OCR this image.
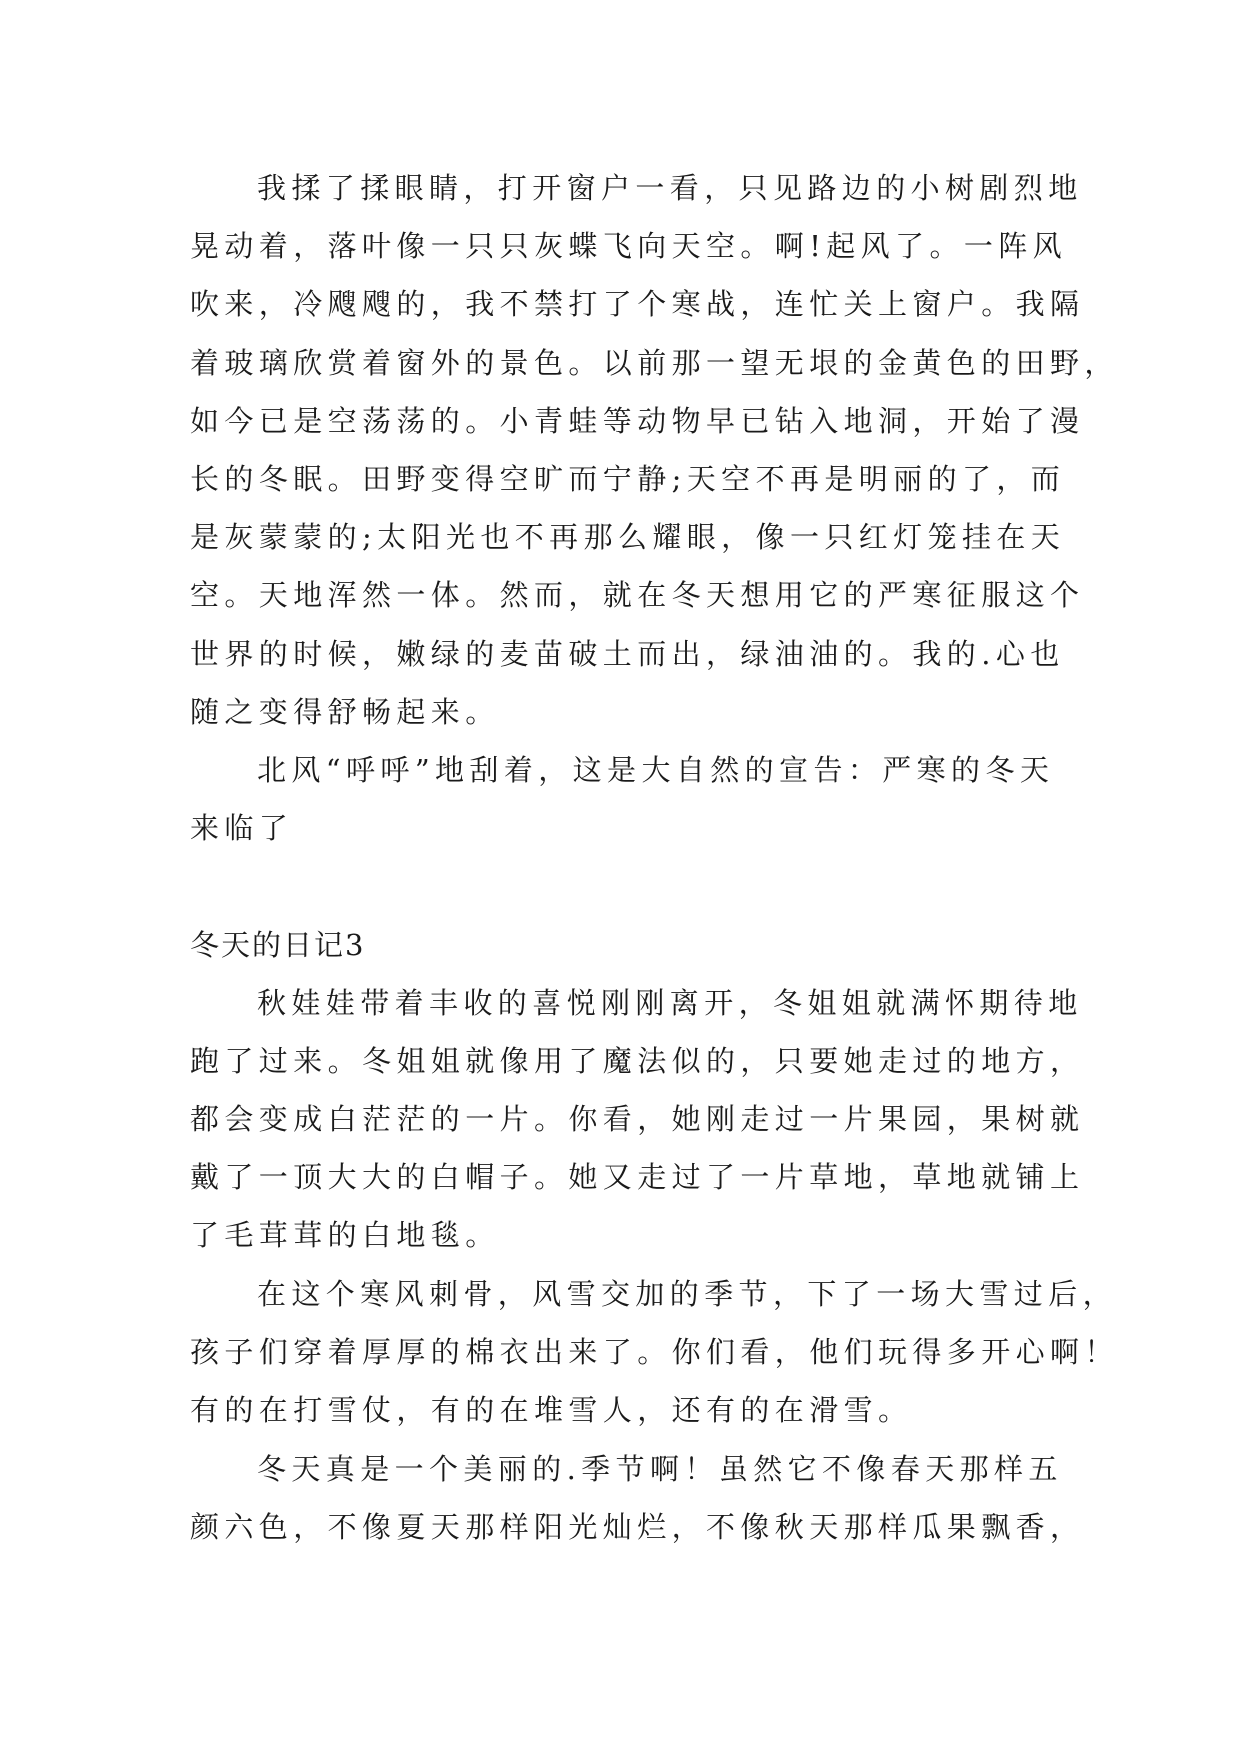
我揉了揉眼睛，打开窗户一看，只见路边的小树剧烈地
晃动着，落叶像一只只灰蝶飞向天空。啊!起风了。一阵风
吹来，冷飕飕的，我不禁打了个寒战，连忙关上窗户。我隔
着玻璃欣赏着窗外的景色。以前那一望无垠的金黄色的田野，
如今已是空荡荡的。小青蛙等动物早已钻入地洞，开始了漫
长的冬眠。田野变得空旷而宁静;天空不再是明丽的了，而
是灰蒙蒙的;太阳光也不再那么耀眼，像一只红灯笼挂在天
空。天地浑然一体。然而，就在冬天想用它的严寒征服这个
世界的时候，嫩绿的麦苗破土而出，绿油油的。我的.心也
随之变得舒畅起来。
北风“呼呼”地刮着，这是大自然的宣告：严寒的冬天
来临了
冬天的日记3
秋娃娃带着丰收的喜悦刚刚离开，冬姐姐就满怀期待地
跑了过来。冬姐姐就像用了魔法似的，只要她走过的地方，
都会变成白茫茫的一片。你看，她刚走过一片果园，果树就
戴了一顶大大的白帽子。她又走过了一片草地，草地就铺上
了毛茸茸的白地毯。
在这个寒风刺骨，风雪交加的季节，下了一场大雪过后，
孩子们穿着厚厚的棉衣出来了。你们看，他们玩得多开心啊！
有的在打雪仗，有的在堆雪人，还有的在滑雪。
冬天真是一个美丽的.季节啊！虽然它不像春天那样五
颜六色，不像夏天那样阳光灿烂，不像秋天那样瓜果飘香，
